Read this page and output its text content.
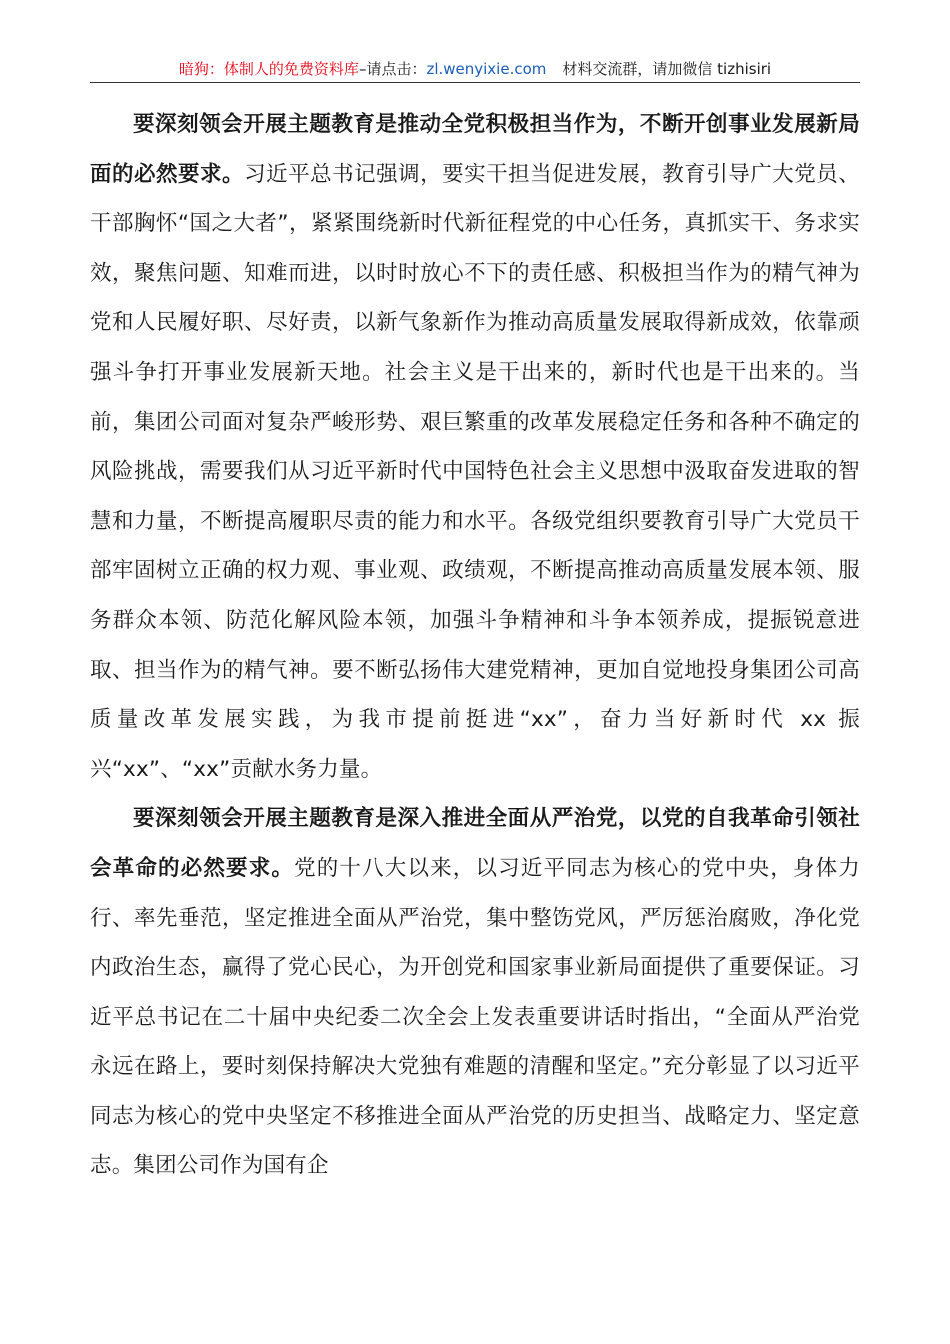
暗狗：体制人的免费资料库–请点击：zl.wenyixie.com 材料交流群，请加微信 tizhisiri

要深刻领会开展主题教育是推动全党积极担当作为，不断开创事业发展新局面的必然要求。习近平总书记强调，要实干担当促进发展，教育引导广大党员、干部胸怀“国之大者”，紧紧围绕新时代新征程党的中心任务，真抓实干、务求实效，聚焦问题、知难而进，以时时放心不下的责任感、积极担当作为的精气神为党和人民履好职、尽好责，以新气象新作为推动高质量发展取得新成效，依靠顽强斗争打开事业发展新天地。社会主义是干出来的，新时代也是干出来的。当前，集团公司面对复杂严峻形势、艰巨繁重的改革发展稳定任务和各种不确定的风险挑战，需要我们从习近平新时代中国特色社会主义思想中汲取奋发进取的智慧和力量，不断提高履职尽责的能力和水平。各级党组织要教育引导广大党员干部牢固树立正确的权力观、事业观、政绩观，不断提高推动高质量发展本领、服务群众本领、防范化解风险本领，加强斗争精神和斗争本领养成，提振锐意进取、担当作为的精气神。要不断弘扬伟大建党精神，更加自觉地投身集团公司高质量改革发展实践，为我市提前挺进“xx”，奋力当好新时代 xx 振兴“xx”、“xx”贡献水务力量。

要深刻领会开展主题教育是深入推进全面从严治党，以党的自我革命引领社会革命的必然要求。党的十八大以来，以习近平同志为核心的党中央，身体力行、率先垂范，坚定推进全面从严治党，集中整饬党风，严厉惩治腐败，净化党内政治生态，赢得了党心民心，为开创党和国家事业新局面提供了重要保证。习近平总书记在二十届中央纪委二次全会上发表重要讲话时指出，“全面从严治党永远在路上，要时刻保持解决大党独有难题的清醒和坚定。”充分彰显了以习近平同志为核心的党中央坚定不移推进全面从严治党的历史担当、战略定力、坚定意志。集团公司作为国有企
